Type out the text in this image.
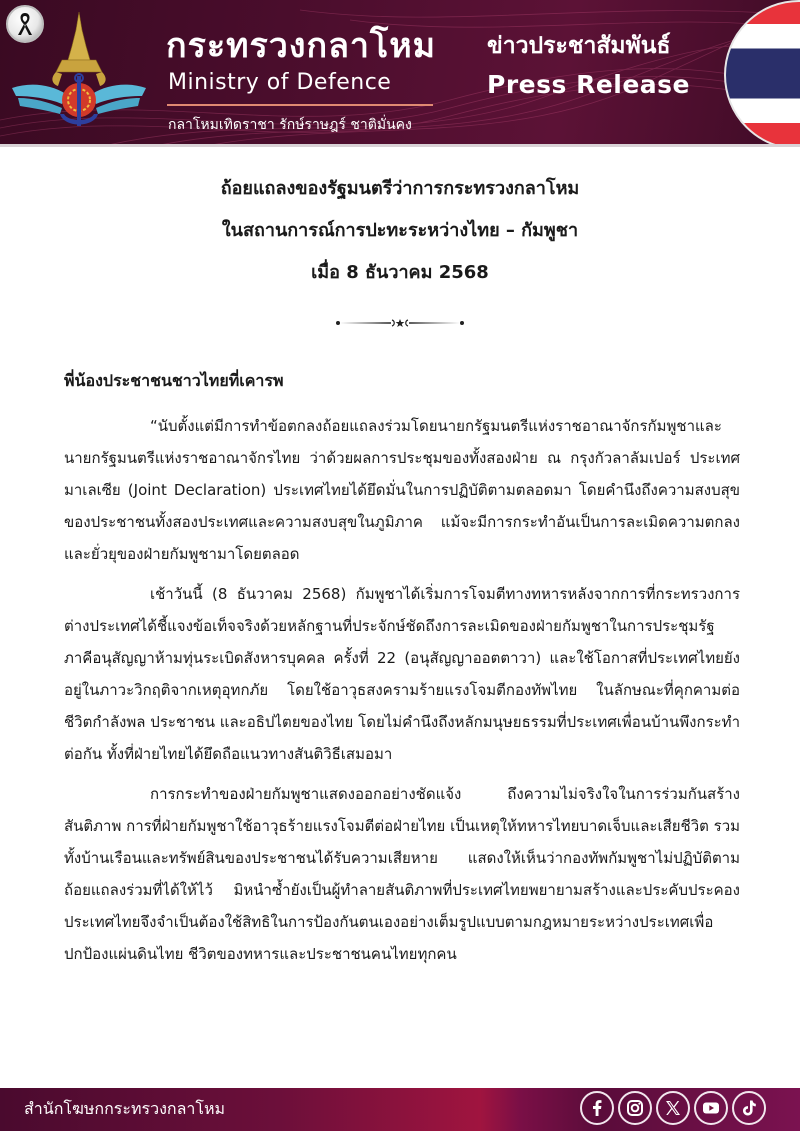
กระทรวงกลาโหม
Ministry of Defence
กลาโหมเทิดราชา รักษ์ราษฎร์ ชาติมั่นคง
ข่าวประชาสัมพันธ์
Press Release
ถ้อยแถลงของรัฐมนตรีว่าการกระทรวงกลาโหม
ในสถานการณ์การปะทะระหว่างไทย – กัมพูชา
เมื่อ 8 ธันวาคม 2568
พี่น้องประชาชนชาวไทยที่เคารพ

“นับตั้งแต่มีการทำข้อตกลงถ้อยแถลงร่วมโดยนายกรัฐมนตรีแห่งราชอาณาจักรกัมพูชาและนายกรัฐมนตรีแห่งราชอาณาจักรไทย ว่าด้วยผลการประชุมของทั้งสองฝ่าย ณ กรุงกัวลาลัมเปอร์ ประเทศมาเลเซีย (Joint Declaration) ประเทศไทยได้ยึดมั่นในการปฏิบัติตามตลอดมา โดยคำนึงถึงความสงบสุขของประชาชนทั้งสองประเทศและความสงบสุขในภูมิภาค แม้จะมีการกระทำอันเป็นการละเมิดความตกลงและยั่วยุของฝ่ายกัมพูชามาโดยตลอด

เช้าวันนี้ (8 ธันวาคม 2568) กัมพูชาได้เริ่มการโจมตีทางทหารหลังจากการที่กระทรวงการต่างประเทศได้ชี้แจงข้อเท็จจริงด้วยหลักฐานที่ประจักษ์ชัดถึงการละเมิดของฝ่ายกัมพูชาในการประชุมรัฐภาคีอนุสัญญาห้ามทุ่นระเบิดสังหารบุคคล ครั้งที่ 22 (อนุสัญญาออตตาวา) และใช้โอกาสที่ประเทศไทยยังอยู่ในภาวะวิกฤติจากเหตุอุทกภัย โดยใช้อาวุธสงครามร้ายแรงโจมตีกองทัพไทย ในลักษณะที่คุกคามต่อชีวิตกำลังพล ประชาชน และอธิปไตยของไทย โดยไม่คำนึงถึงหลักมนุษยธรรมที่ประเทศเพื่อนบ้านพึงกระทำต่อกัน ทั้งที่ฝ่ายไทยได้ยึดถือแนวทางสันติวิธีเสมอมา

การกระทำของฝ่ายกัมพูชาแสดงออกอย่างชัดแจ้ง ถึงความไม่จริงใจในการร่วมกันสร้างสันติภาพ การที่ฝ่ายกัมพูชาใช้อาวุธร้ายแรงโจมตีต่อฝ่ายไทย เป็นเหตุให้ทหารไทยบาดเจ็บและเสียชีวิต รวมทั้งบ้านเรือนและทรัพย์สินของประชาชนได้รับความเสียหาย แสดงให้เห็นว่ากองทัพกัมพูชาไม่ปฏิบัติตามถ้อยแถลงร่วมที่ได้ให้ไว้ มิหนำซ้ำยังเป็นผู้ทำลายสันติภาพที่ประเทศไทยพยายามสร้างและประคับประคอง ประเทศไทยจึงจำเป็นต้องใช้สิทธิในการป้องกันตนเองอย่างเต็มรูปแบบตามกฎหมายระหว่างประเทศเพื่อปกป้องแผ่นดินไทย ชีวิตของทหารและประชาชนคนไทยทุกคน

สำนักโฆษกกระทรวงกลาโหม
